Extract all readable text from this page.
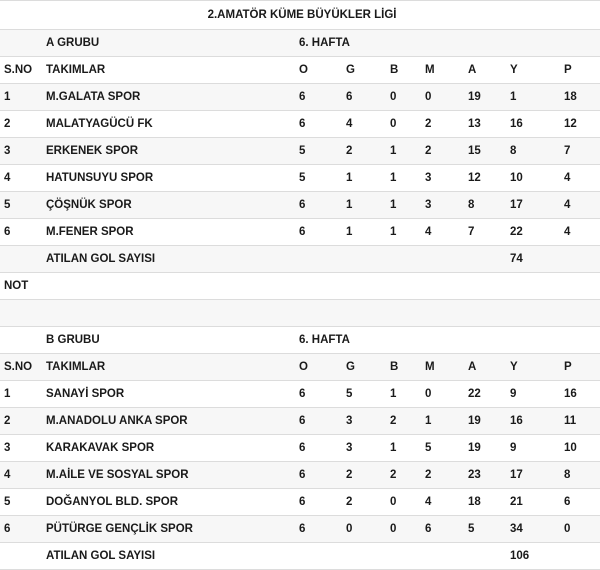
2.AMATÖR KÜME BÜYÜKLER LİGİ								
	A GRUBU	6. HAFTA						
S.NO	TAKIMLAR	O	G	B	M	A	Y	P
1	M.GALATA SPOR	6	6	0	0	19	1	18
2	MALATYAGÜCÜ FK	6	4	0	2	13	16	12
3	ERKENEK SPOR	5	2	1	2	15	8	7
4	HATUNSUYU SPOR	5	1	1	3	12	10	4
5	ÇÖŞNÜK SPOR	6	1	1	3	8	17	4
6	M.FENER SPOR	6	1	1	4	7	22	4
	ATILAN GOL SAYISI						74	
NOT								

	B GRUBU	6. HAFTA						
S.NO	TAKIMLAR	O	G	B	M	A	Y	P
1	SANAYİ SPOR	6	5	1	0	22	9	16
2	M.ANADOLU ANKA SPOR	6	3	2	1	19	16	11
3	KARAKAVAK SPOR	6	3	1	5	19	9	10
4	M.AİLE VE SOSYAL SPOR	6	2	2	2	23	17	8
5	DOĞANYOL BLD. SPOR	6	2	0	4	18	21	6
6	PÜTÜRGE GENÇLİK SPOR	6	0	0	6	5	34	0
	ATILAN GOL SAYISI						106	
